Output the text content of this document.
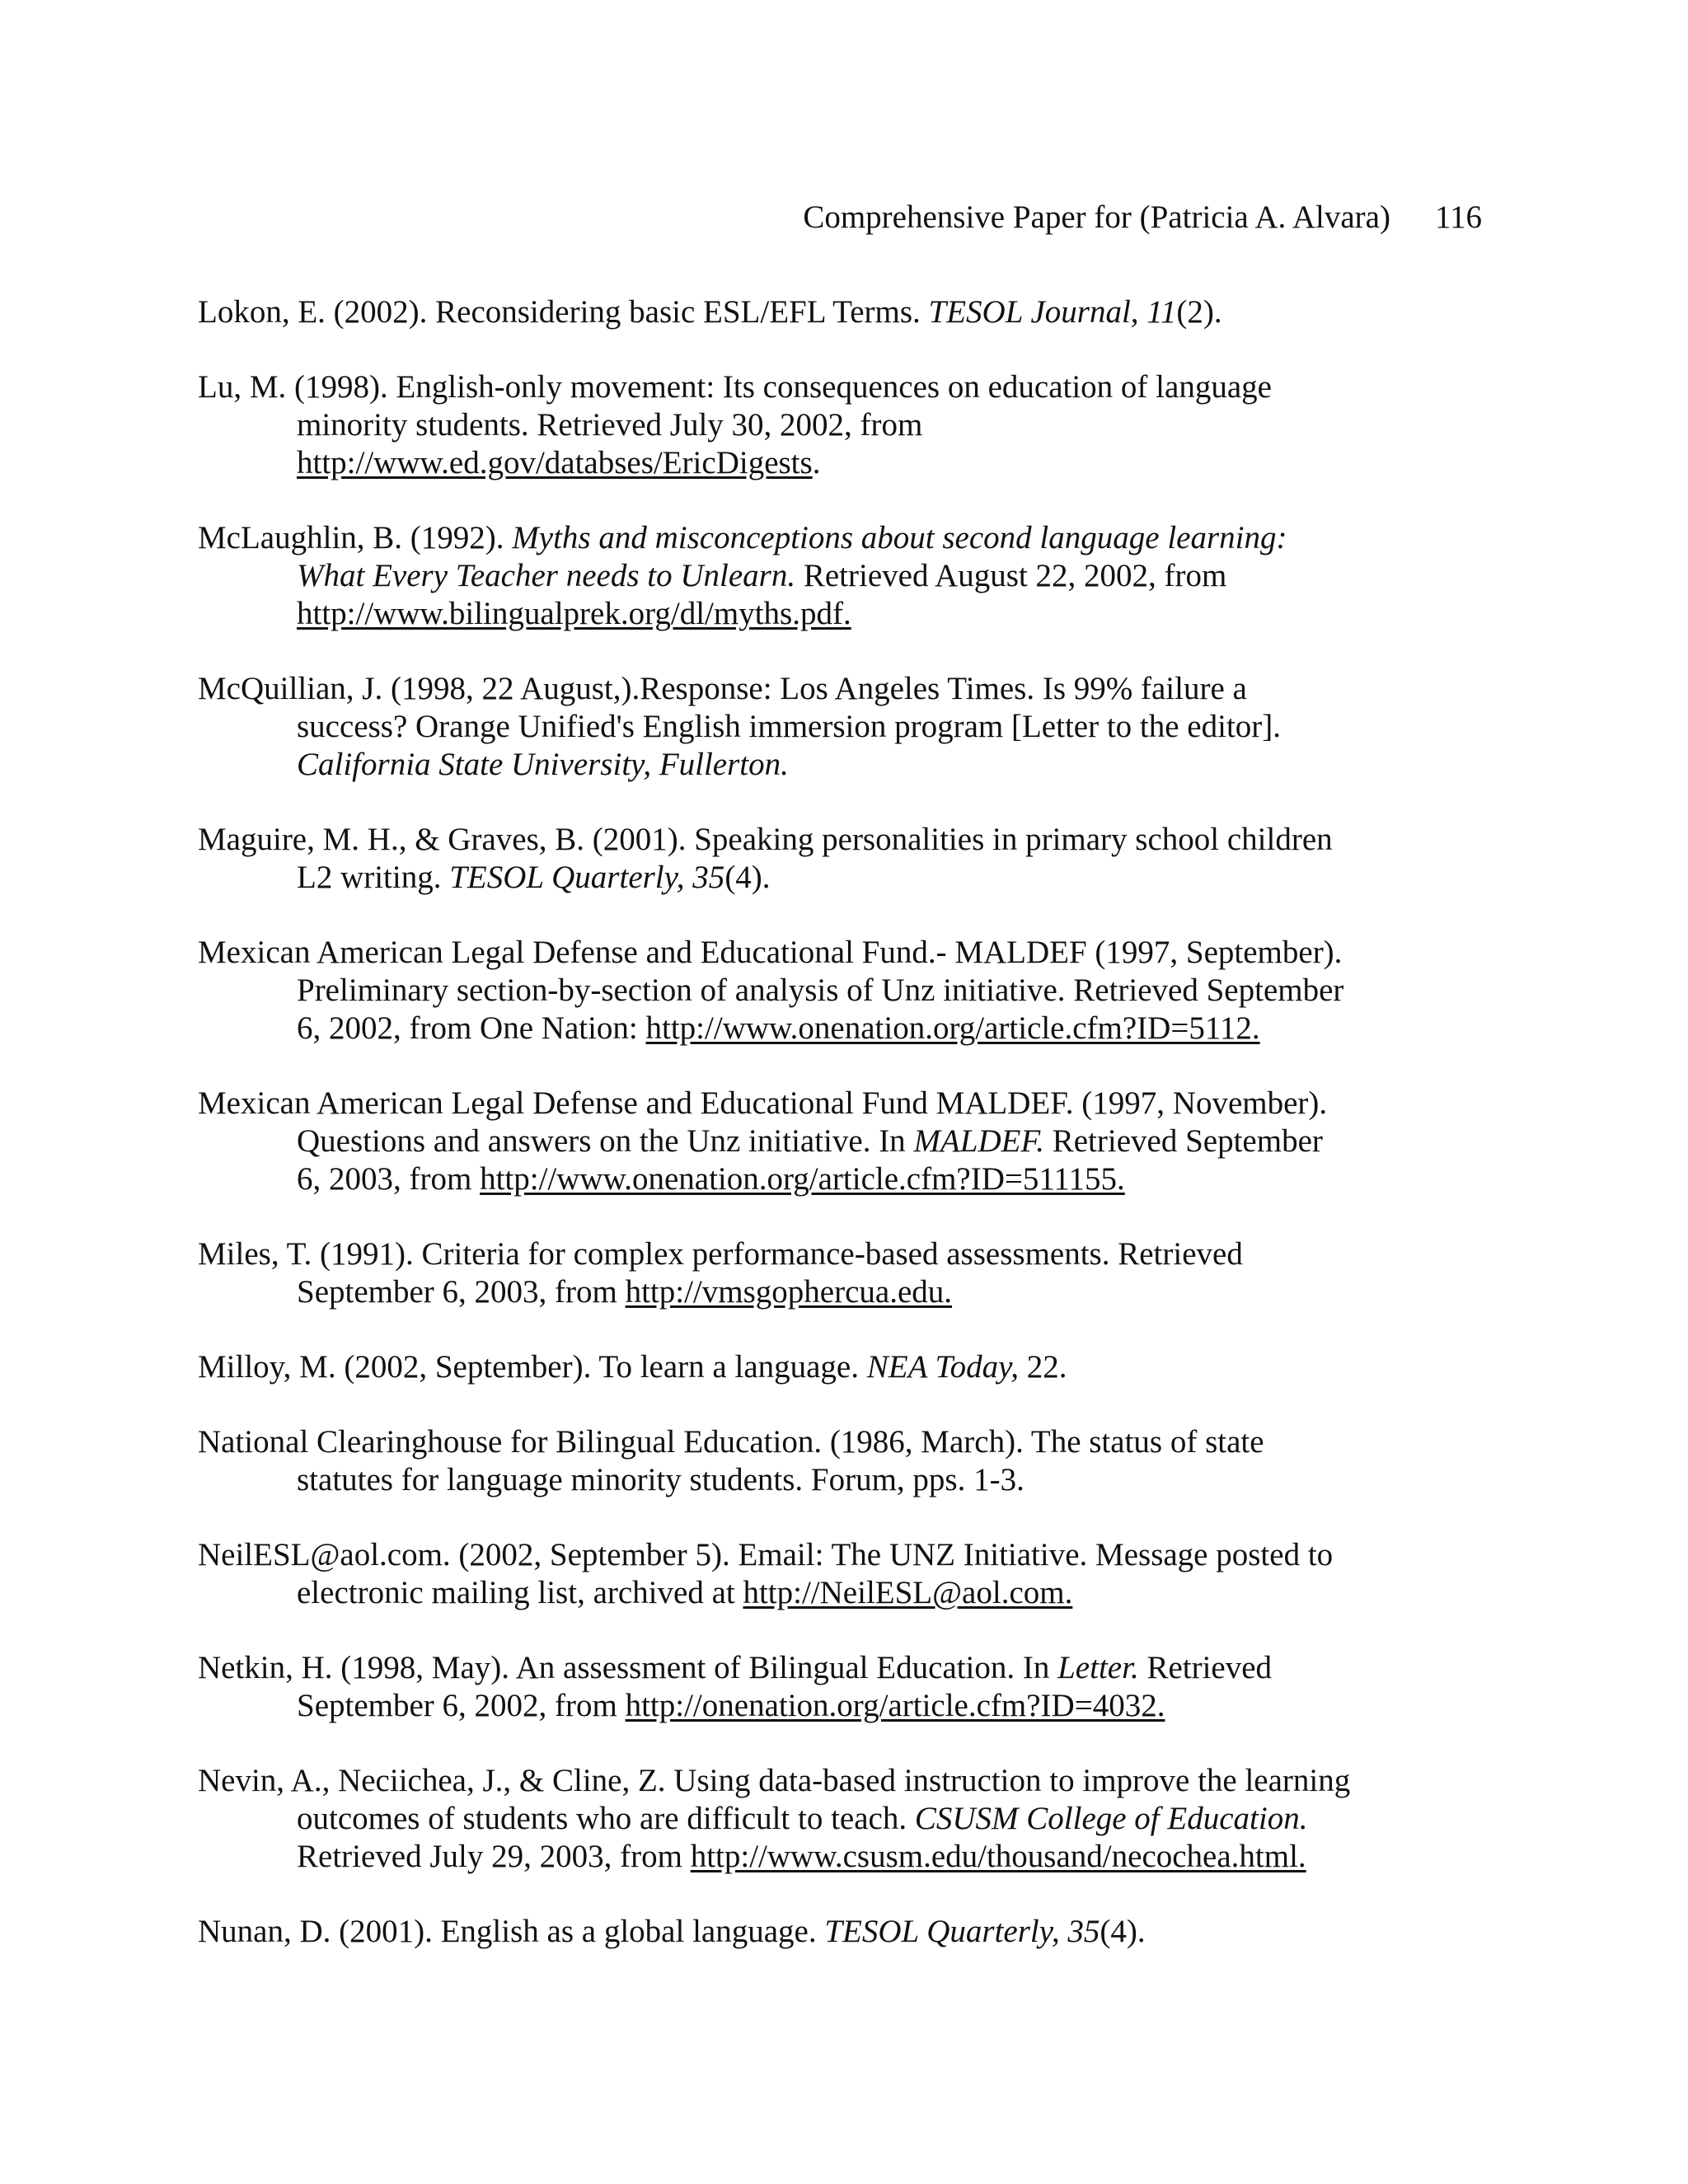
Comprehensive Paper for (Patricia A. Alvara) 116
Lokon, E. (2002). Reconsidering basic ESL/EFL Terms. TESOL Journal, 11(2).
Lu, M. (1998). English-only movement: Its consequences on education of language
minority students. Retrieved July 30, 2002, from
http://www.ed.gov/databses/EricDigests.
McLaughlin, B. (1992). Myths and misconceptions about second language learning:
What Every Teacher needs to Unlearn. Retrieved August 22, 2002, from
http://www.bilingualprek.org/dl/myths.pdf.
McQuillian, J. (1998, 22 August,).Response: Los Angeles Times. Is 99% failure a
success? Orange Unified's English immersion program [Letter to the editor].
California State University, Fullerton.
Maguire, M. H., & Graves, B. (2001). Speaking personalities in primary school children
L2 writing. TESOL Quarterly, 35(4).
Mexican American Legal Defense and Educational Fund.- MALDEF (1997, September).
Preliminary section-by-section of analysis of Unz initiative. Retrieved September
6, 2002, from One Nation: http://www.onenation.org/article.cfm?ID=5112.
Mexican American Legal Defense and Educational Fund MALDEF. (1997, November).
Questions and answers on the Unz initiative. In MALDEF. Retrieved September
6, 2003, from http://www.onenation.org/article.cfm?ID=511155.
Miles, T. (1991). Criteria for complex performance-based assessments. Retrieved
September 6, 2003, from http://vmsgophercua.edu.
Milloy, M. (2002, September). To learn a language. NEA Today, 22.
National Clearinghouse for Bilingual Education. (1986, March). The status of state
statutes for language minority students. Forum, pps. 1-3.
NeilESL@aol.com. (2002, September 5). Email: The UNZ Initiative. Message posted to
electronic mailing list, archived at http://NeilESL@aol.com.
Netkin, H. (1998, May). An assessment of Bilingual Education. In Letter. Retrieved
September 6, 2002, from http://onenation.org/article.cfm?ID=4032.
Nevin, A., Neciichea, J., & Cline, Z. Using data-based instruction to improve the learning
outcomes of students who are difficult to teach. CSUSM College of Education.
Retrieved July 29, 2003, from http://www.csusm.edu/thousand/necochea.html.
Nunan, D. (2001). English as a global language. TESOL Quarterly, 35(4).
